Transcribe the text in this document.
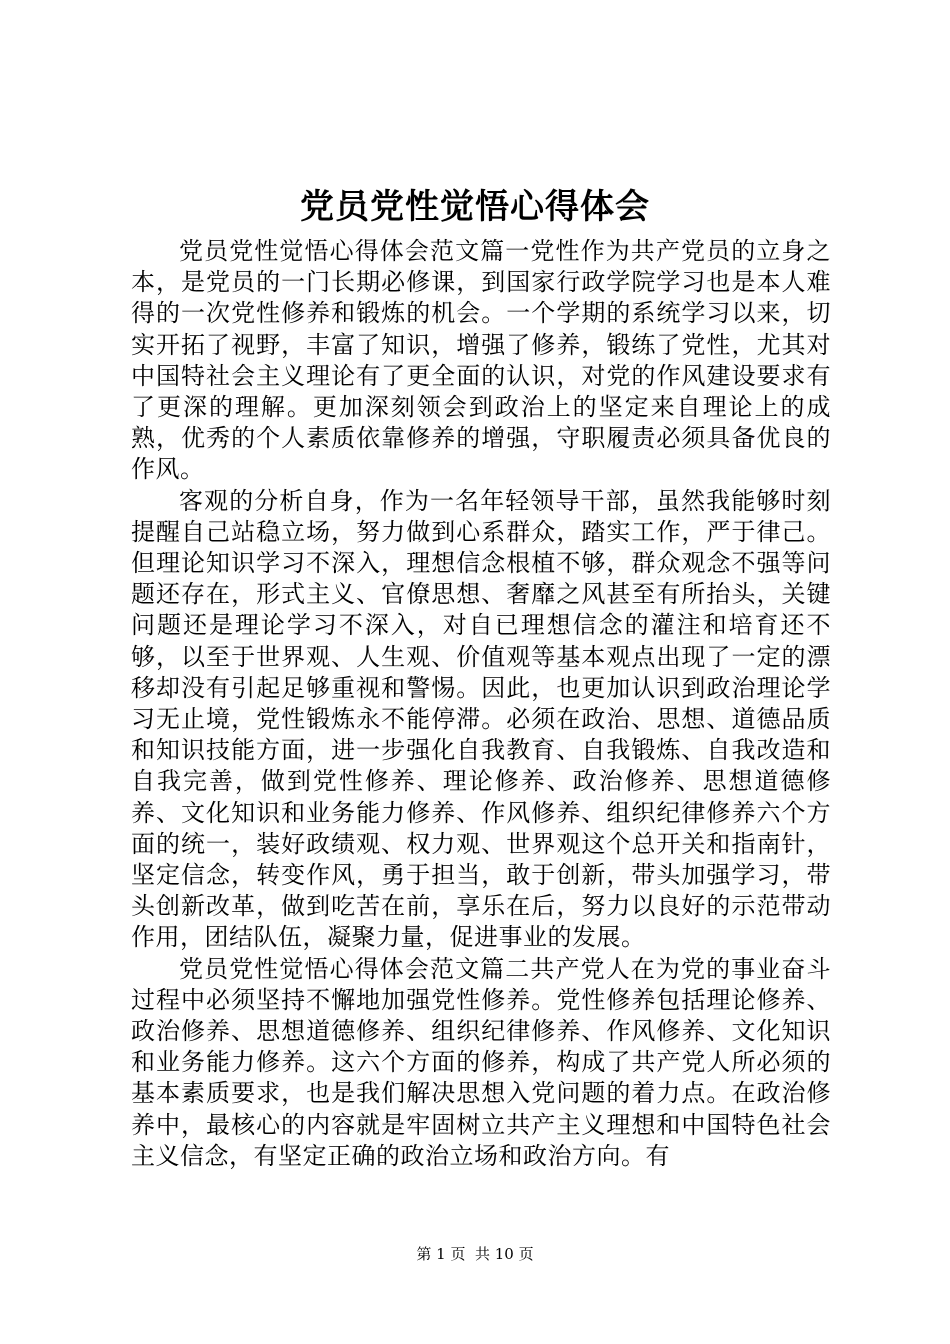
党员党性觉悟心得体会

党员党性觉悟心得体会范文篇一党性作为共产党员的立身之本，是党员的一门长期必修课，到国家行政学院学习也是本人难得的一次党性修养和锻炼的机会。一个学期的系统学习以来，切实开拓了视野，丰富了知识，增强了修养，锻练了党性，尤其对中国特社会主义理论有了更全面的认识，对党的作风建设要求有了更深的理解。更加深刻领会到政治上的坚定来自理论上的成熟，优秀的个人素质依靠修养的增强，守职履责必须具备优良的作风。

客观的分析自身，作为一名年轻领导干部，虽然我能够时刻提醒自己站稳立场，努力做到心系群众，踏实工作，严于律己。但理论知识学习不深入，理想信念根植不够，群众观念不强等问题还存在，形式主义、官僚思想、奢靡之风甚至有所抬头，关键问题还是理论学习不深入，对自已理想信念的灌注和培育还不够，以至于世界观、人生观、价值观等基本观点出现了一定的漂移却没有引起足够重视和警惕。因此，也更加认识到政治理论学习无止境，党性锻炼永不能停滞。必须在政治、思想、道德品质和知识技能方面，进一步强化自我教育、自我锻炼、自我改造和自我完善，做到党性修养、理论修养、政治修养、思想道德修养、文化知识和业务能力修养、作风修养、组织纪律修养六个方面的统一，装好政绩观、权力观、世界观这个总开关和指南针，坚定信念，转变作风，勇于担当，敢于创新，带头加强学习，带头创新改革，做到吃苦在前，享乐在后，努力以良好的示范带动作用，团结队伍，凝聚力量，促进事业的发展。

党员党性觉悟心得体会范文篇二共产党人在为党的事业奋斗过程中必须坚持不懈地加强党性修养。党性修养包括理论修养、政治修养、思想道德修养、组织纪律修养、作风修养、文化知识和业务能力修养。这六个方面的修养，构成了共产党人所必须的基本素质要求，也是我们解决思想入党问题的着力点。在政治修养中，最核心的内容就是牢固树立共产主义理想和中国特色社会主义信念，有坚定正确的政治立场和政治方向。有

第 1 页  共 10 页
